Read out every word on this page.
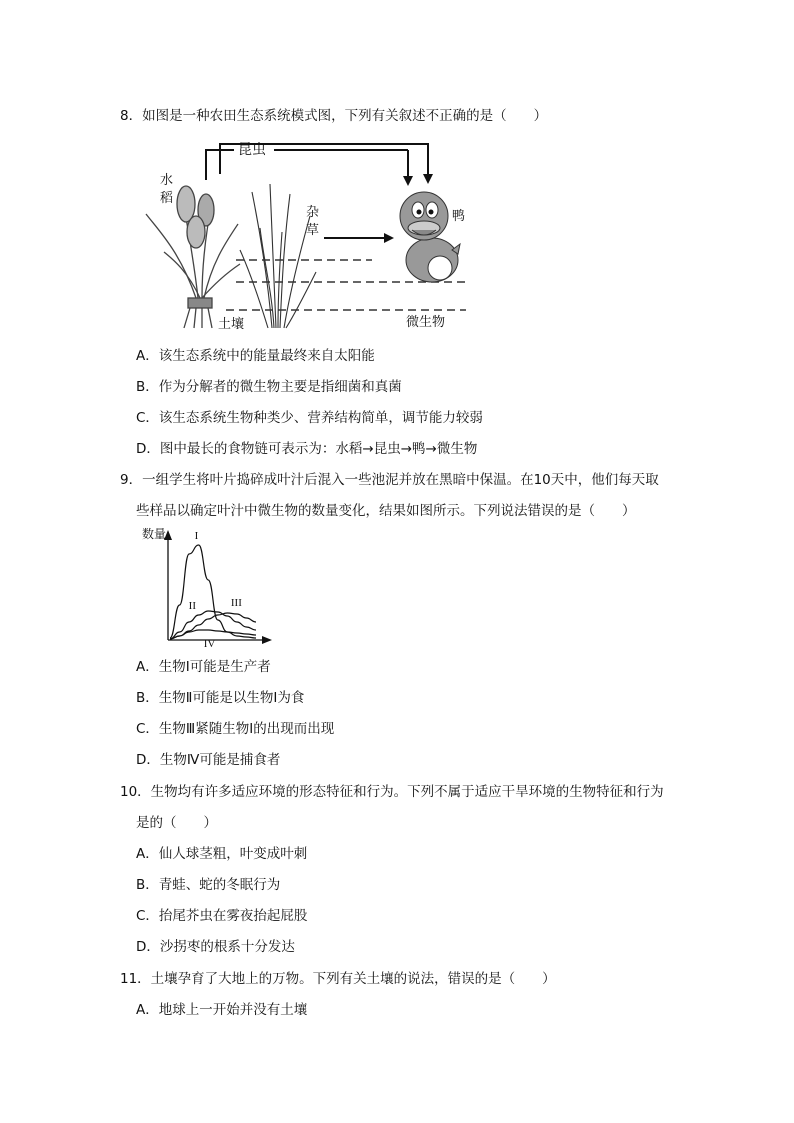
8．如图是一种农田生态系统模式图，下列有关叙述不正确的是（　　）
昆虫
水
稻
杂
草
鸭
土壤	微生物
A．该生态系统中的能量最终来自太阳能
B．作为分解者的微生物主要是指细菌和真菌
C．该生态系统生物种类少、营养结构简单，调节能力较弱
D．图中最长的食物链可表示为：水稻→昆虫→鸭→微生物
9．一组学生将叶片捣碎成叶汁后混入一些池泥并放在黑暗中保温。在10天中，他们每天取
些样品以确定叶汁中微生物的数量变化，结果如图所示。下列说法错误的是（　　）
数量	I
II	III
IV
A．生物Ⅰ可能是生产者
B．生物Ⅱ可能是以生物Ⅰ为食
C．生物Ⅲ紧随生物Ⅰ的出现而出现
D．生物Ⅳ可能是捕食者
10．生物均有许多适应环境的形态特征和行为。下列不属于适应干旱环境的生物特征和行为
是的（　　）
A．仙人球茎粗，叶变成叶刺
B．青蛙、蛇的冬眠行为
C．抬尾芥虫在雾夜抬起屁股
D．沙拐枣的根系十分发达
11．土壤孕育了大地上的万物。下列有关土壤的说法，错误的是（　　）
A．地球上一开始并没有土壤
